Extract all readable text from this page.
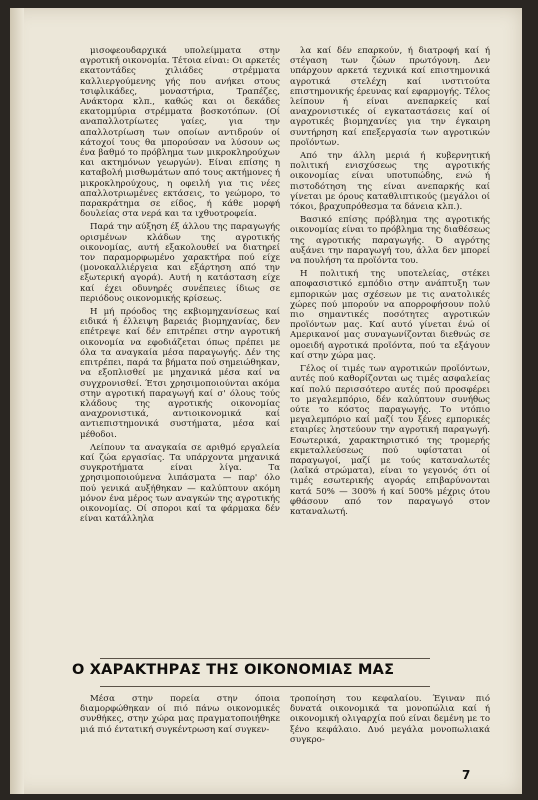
μισοφεουδαρχικά υπολείμματα στην αγροτική οικονομία. Τέτοια είναι: Οι αρκετές εκατοντάδες χιλιάδες στρέμματα καλλιεργούμενης γής που ανήκει στους τσιφλικάδες, μοναστήρια, Τραπέζες, Ανάκτορα κλπ., καθώς και οι δεκάδες εκατομμύρια στρέμματα βοσκοτόπων. (Οί αναπαλλοτρίωτες γαίες, για την απαλλοτρίωση των οποίων αντιδρούν οί κάτοχοί τους θα μπορούσαν να λύσουν ως ένα βαθμό το πρόβλημα των μικροκληρούχων και ακτημόνων γεωργών). Είναι επίσης η καταβολή μισθωμάτων από τους ακτήμονες ή μικροκληρούχους, η οφειλή για τις νέες απαλλοτριωμένες εκτάσεις, το γεώμορο, το παρακράτημα σε είδος, ή κάθε μορφή δουλείας στα νερά και τα ιχθυοτροφεία.

Παρά την αύξηση έξ άλλου της παραγωγής ορισμένων κλάδων της αγροτικής οικονομίας, αυτή εξακολουθεί να διατηρεί τον παραμορφωμένο χαρακτήρα πού είχε (μονοκαλλιέργεια και εξάρτηση από την εξωτερική αγορά). Αυτή η κατάσταση είχε καί έχει οδυνηρές συνέπειες ίδιως σε περιόδους οικονομικής κρίσεως.

Η μή πρόοδος της εκβιομηχανίσεως καί ειδικά ή έλλειψη βαρειάς βιομηχανίας, δεν επέτρεψε καί δέν επιτρέπει στην αγροτική οικονομία να εφοδιάζεται όπως πρέπει με όλα τα αναγκαία μέσα παραγωγής. Δέν της επιτρέπει, παρά τα βήματα πού σημειώθηκαν, να εξοπλισθεί με μηχανικά μέσα καί να συγχρονισθεί. Έτσι χρησιμοποιούνται ακόμα στην αγροτική παραγωγή καί σ' όλους τούς κλάδους της αγροτικής οικονομίας αναχρονιστικά, αντιοικονομικά καί αντιεπιστημονικά συστήματα, μέσα καί μέθοδοι.

Λείπουν τα αναγκαία σε αριθμό εργαλεία καί ζώα εργασίας. Τα υπάρχοντα μηχανικά συγκροτήματα είναι λίγα. Τα χρησιμοποιούμενα λιπάσματα — παρ' όλο πού γενικά αυξήθηκαν — καλύπτουν ακόμη μόνον ένα μέρος των αναγκών της αγροτικής οικονομίας. Οί σποροι καί τα φάρμακα δέν είναι κατάλληλα

λα καί δέν επαρκούν, ή διατροφή καί ή στέγαση των ζώων πρωτόγονη. Δεν υπάρχουν αρκετά τεχνικά καί επιστημονικά αγροτικά στελέχη καί ινστιτούτα επιστημονικής έρευνας καί εφαρμογής. Τέλος λείπουν ή είναι ανεπαρκείς καί αναχρονιστικές οί εγκαταστάσεις καί οί αγροτικές βιομηχανίες για την έγκαιρη συντήρηση καί επεξεργασία των αγροτικών προϊόντων.

Από την άλλη μεριά ή κυβερνητική πολιτική ενισχύσεως της αγροτικής οικονομίας είναι υποτυπώδης, ενώ ή πιστοδότηση της είναι ανεπαρκής καί γίνεται με όρους καταθλιπτικούς (μεγάλοι οί τόκοι, βραχυπρόθεσμα τα δάνεια κλπ.).

Βασικό επίσης πρόβλημα της αγροτικής οικονομίας είναι το πρόβλημα της διαθέσεως της αγροτικής παραγωγής. Ό αγρότης αυξάνει την παραγωγή του, άλλα δεν μπορεί να πουλήση τα προϊόντα του.

Η πολιτική της υποτελείας, στέκει αποφασιστικό εμπόδιο στην ανάπτυξη των εμπορικών μας σχέσεων με τις ανατολικές χώρες πού μπορούν να απορροφήσουν πολύ πιο σημαντικές ποσότητες αγροτικών προϊόντων μας. Καί αυτό γίνεται ένώ οί Αμερικανοί μας συναγωνίζονται διεθνώς σε ομοειδή αγροτικά προϊόντα, πού τα εξάγουν καί στην χώρα μας.

Γέλος οί τιμές των αγροτικών προϊόντων, αυτές πού καθορίζονται ως τιμές ασφαλείας καί πολύ περισσότερο αυτές πού προσφέρει το μεγαλεμπόριο, δέν καλύπτουν συνήθως ούτε το κόστος παραγωγής. Το ντόπιο μεγαλεμπόριο καί μαζί του ξένες εμπορικές εταιρίες ληστεύουν την αγροτική παραγωγή. Εσωτερικά, χαρακτηριστικό της τρομερής εκμεταλλεύσεως πού υφίσταται οί παραγωγοί, μαζί με τούς καταναλωτές (λαϊκά στρώματα), είναι το γεγονός ότι οί τιμές εσωτερικής αγοράς επιβαρύνονται κατά 50% — 300% ή καί 500% μέχρις ότου φθάσουν από τον παραγωγό στον καταναλωτή.

Ο ΧΑΡΑΚΤΗΡΑΣ ΤΗΣ ΟΙΚΟΝΟΜΙΑΣ ΜΑΣ

Μέσα στην πορεία στην όποια διαμορφώθηκαν οί πιό πάνω οικονομικές συνθήκες, στην χώρα μας πραγματοποιήθηκε μιά πιό έντατική συγκέντρωση καί συγκεν-

τροποίηση του κεφαλαίου. Έγιναν πιό δυνατά οικονομικά τα μονοπώλια καί ή οικονομική ολιγαρχία πού είναι δεμένη με το ξένο κεφάλαιο. Δυό μεγάλα μονοπωλιακά συγκρο-

7
